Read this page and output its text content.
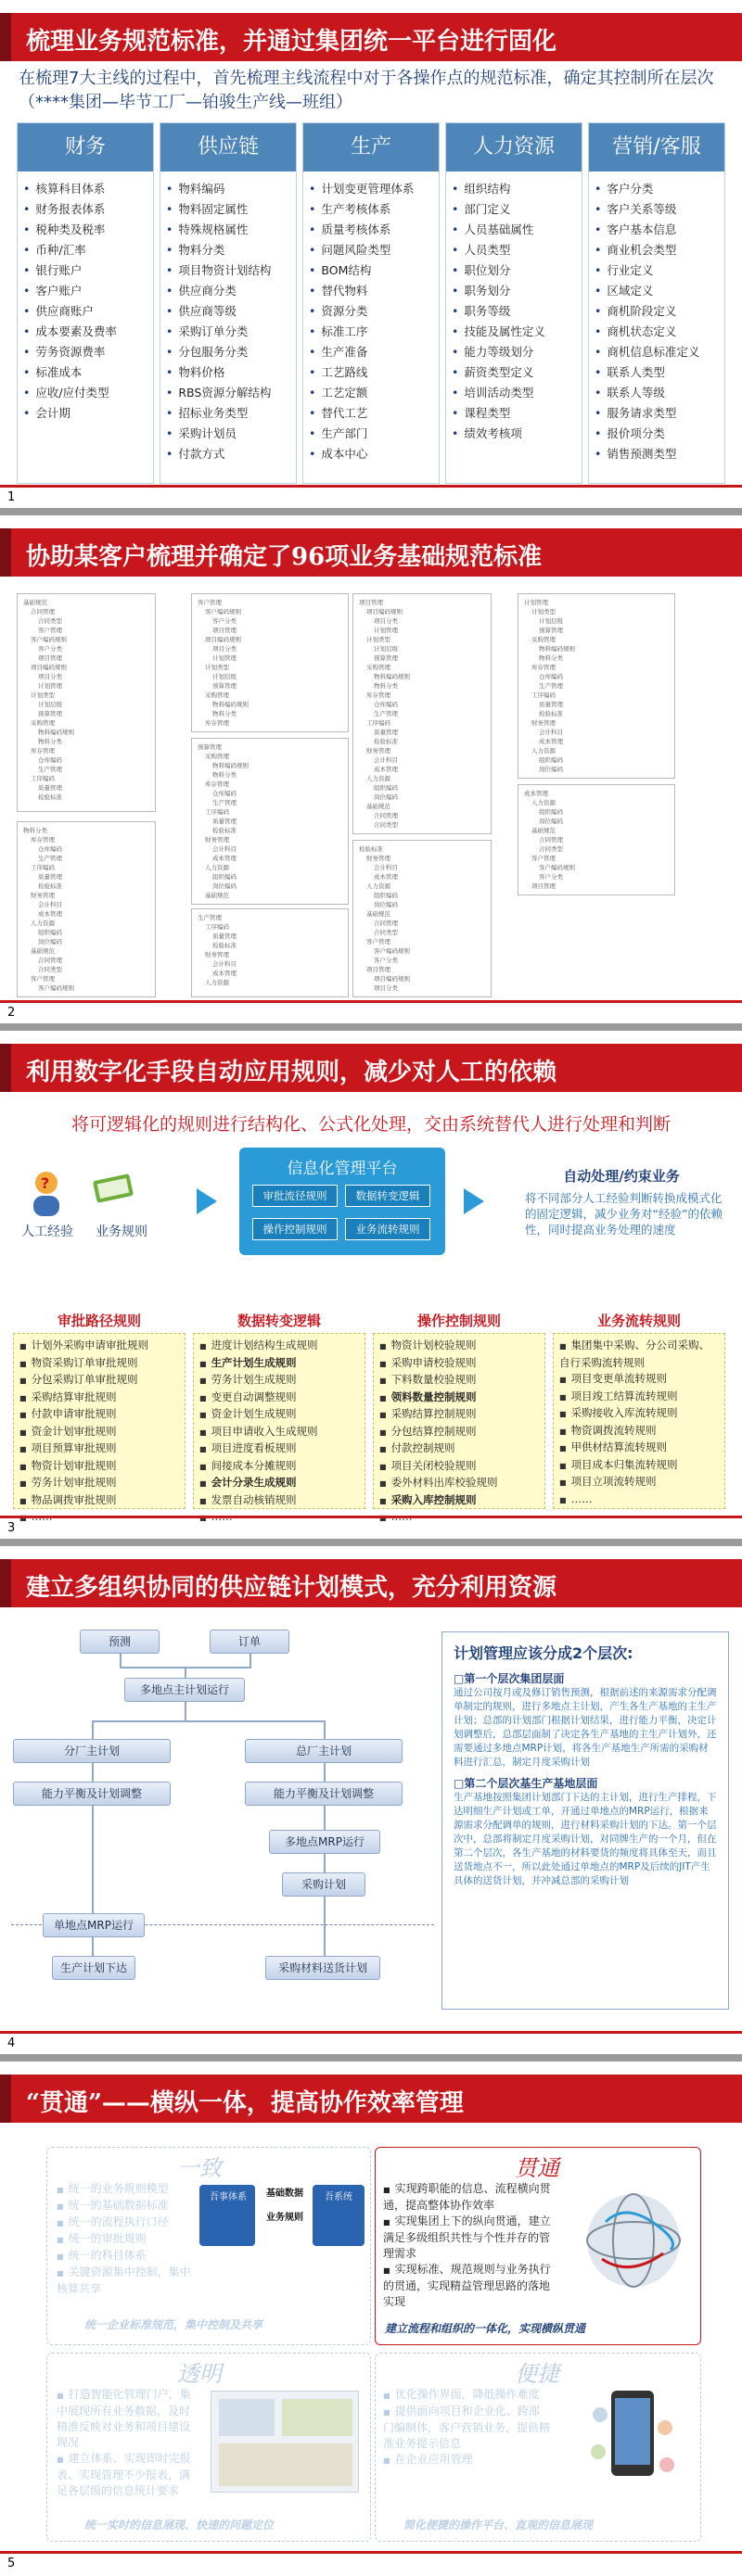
梳理业务规范标准，并通过集团统一平台进行固化
在梳理7大主线的过程中，首先梳理主线流程中对于各操作点的规范标准，确定其控制所在层次（****集团—毕节工厂—铂骏生产线—班组）
财务
• 核算科目体系
• 财务报表体系
• 税种类及税率
• 币种/汇率
• 银行账户
• 客户账户
• 供应商账户
• 成本要素及费率
• 劳务资源费率
• 标准成本
• 应收/应付类型
• 会计期
供应链
• 物料编码
• 物料固定属性
• 特殊规格属性
• 物料分类
• 项目物资计划结构
• 供应商分类
• 供应商等级
• 采购订单分类
• 分包服务分类
• 物料价格
• RBS资源分解结构
• 招标业务类型
• 采购计划员
• 付款方式
生产
• 计划变更管理体系
• 生产考核体系
• 质量考核体系
• 问题风险类型
• BOM结构
• 替代物料
• 资源分类
• 标准工序
• 生产准备
• 工艺路线
• 工艺定额
• 替代工艺
• 生产部门
• 成本中心
人力资源
• 组织结构
• 部门定义
• 人员基础属性
• 人员类型
• 职位划分
• 职务划分
• 职务等级
• 技能及属性定义
• 能力等级划分
• 薪资类型定义
• 培训活动类型
• 课程类型
• 绩效考核项
营销/客服
• 客户分类
• 客户关系等级
• 客户基本信息
• 商业机会类型
• 行业定义
• 区域定义
• 商机阶段定义
• 商机状态定义
• 商机信息标准定义
• 联系人类型
• 联系人等级
• 服务请求类型
• 报价项分类
• 销售预测类型
1
协助某客户梳理并确定了96项业务基础规范标准
基础规范
合同管理
合同类型
客户管理
客户编码规则
客户分类
项目管理
项目编码规则
项目分类
计划管理
计划类型
计划层级
预算管理
采购管理
物料编码规则
物料分类
库存管理
仓库编码
生产管理
工序编码
质量管理
检验标准
客户管理
客户编码规则
客户分类
项目管理
项目编码规则
项目分类
计划管理
计划类型
计划层级
预算管理
采购管理
物料编码规则
物料分类
库存管理
项目管理
项目编码规则
项目分类
计划管理
计划类型
计划层级
预算管理
采购管理
物料编码规则
物料分类
库存管理
仓库编码
生产管理
工序编码
质量管理
检验标准
财务管理
会计科目
成本管理
人力资源
组织编码
岗位编码
基础规范
合同管理
合同类型
计划管理
计划类型
计划层级
预算管理
采购管理
物料编码规则
物料分类
库存管理
仓库编码
生产管理
工序编码
质量管理
检验标准
财务管理
会计科目
成本管理
人力资源
组织编码
岗位编码
预算管理
采购管理
物料编码规则
物料分类
库存管理
仓库编码
生产管理
工序编码
质量管理
检验标准
财务管理
会计科目
成本管理
人力资源
组织编码
岗位编码
基础规范
物料分类
库存管理
仓库编码
生产管理
工序编码
质量管理
检验标准
财务管理
会计科目
成本管理
人力资源
组织编码
岗位编码
基础规范
合同管理
合同类型
客户管理
客户编码规则
生产管理
工序编码
质量管理
检验标准
财务管理
会计科目
成本管理
人力资源
检验标准
财务管理
会计科目
成本管理
人力资源
组织编码
岗位编码
基础规范
合同管理
合同类型
客户管理
客户编码规则
客户分类
项目管理
项目编码规则
项目分类
成本管理
人力资源
组织编码
岗位编码
基础规范
合同管理
合同类型
客户管理
客户编码规则
客户分类
项目管理
2
利用数字化手段自动应用规则，减少对人工的依赖
将可逻辑化的规则进行结构化、公式化处理，交由系统替代人进行处理和判断
?
人工经验	业务规则
信息化管理平台
审批流径规则	数据转变逻辑
操作控制规则	业务流转规则
自动处理/约束业务
将不同部分人工经验判断转换成模式化的固定逻辑，减少业务对“经验”的依赖性，同时提高业务处理的速度
审批路径规则
■ 计划外采购申请审批规则
■ 物资采购订单审批规则
■ 分包采购订单审批规则
■ 采购结算审批规则
■ 付款申请审批规则
■ 资金计划审批规则
■ 项目预算审批规则
■ 物资计划审批规则
■ 劳务计划审批规则
■ 物品调拨审批规则
■
数据转变逻辑
■ 进度计划结构生成规则
■ 生产计划生成规则
■ 劳务计划生成规则
■ 变更自动调整规则
■ 资金计划生成规则
■ 项目申请收入生成规则
■ 项目进度看板规则
■ 间接成本分摊规则
■ 会计分录生成规则
■ 发票自动核销规则
■
操作控制规则
■ 物资计划校验规则
■ 采购申请校验规则
■ 下料数量校验规则
■ 领料数量控制规则
■ 采购结算控制规则
■ 分包结算控制规则
■ 付款控制规则
■ 项目关闭校验规则
■ 委外材料出库校验规则
■ 采购入库控制规则
■
业务流转规则
■ 集团集中采购、分公司采购、自行采购流转规则
■ 项目变更单流转规则
■ 项目竣工结算流转规则
■ 采购接收入库流转规则
■ 物资调拨流转规则
■ 甲供材结算流转规则
■ 项目成本归集流转规则
■ 项目立项流转规则
■ ……
3
建立多组织协同的供应链计划模式，充分利用资源
预测	订单
多地点主计划运行
分厂主计划	总厂主计划
能力平衡及计划调整	能力平衡及计划调整
多地点MRP运行
采购计划
单地点MRP运行
生产计划下达	采购材料送货计划
计划管理应该分成2个层次:
□第一个层次集团层面

通过公司按月或及修订销售预测，根据前述的来源需求分配调单制定的规则，进行多地点主计划，产生各生产基地的主生产计划；总部的计划部门根据计划结果，进行能力平衡，决定计划调整后，总部层面制了决定各生产基地的主生产计划外，还需要通过多地点MRP计划，将各生产基地生产所需的采购材料进行汇总，制定月度采购计划

□第二个层次基生产基地层面

生产基地按照集团计划部门下达的主计划，进行生产排程，下达明细生产计划或工单，开通过单地点的MRP运行，根据来源需求分配调单的规则，进行材料采购计划的下达。第一个层次中，总部将制定月度采购计划，对同牌生产的一个月，但在第二个层次，各生产基地的材料要货的频度将具体至天，而且送货地点不一，所以此处通过单地点的MRP及后续的JIT产生具体的送货计划，并冲减总部的采购计划

4
“贯通”——横纵一体，提高协作效率管理
一致
■ 统一的业务规则模型
■ 统一的基础数据标准
■ 统一的流程执行口径
■ 统一的审批规则
■ 统一的科目体系
■ 关键资源集中控制，集中核算共享
吾事体系	基础数据
业务规则
吾系统
统一企业标准规范，集中控制及共享
贯通
■ 实现跨职能的信息、流程横向贯通，提高整体协作效率
■ 实现集团上下的纵向贯通，建立满足多级组织共性与个性并存的管理需求
■ 实现标准、规范规则与业务执行的贯通，实现精益管理思路的落地实现
建立流程和组织的一体化，实现横纵贯通
透明
■ 打造智能化管理门户，集中展现所有业务数据，及时精准反映对业务和项目建设现况
■ 建立体系、实现即时完报表、实现管理不少报表，满足各层级的信息统计要求
统一实时的信息展现、快速的问题定位
便捷
■ 优化操作界面，降低操作难度
■ 提供面向项目和企业化、跨部门编制体，客户营销业务，提供精准业务提示信息
■ 在企业应用管理
简化便捷的操作平台、直观的信息展现
5
